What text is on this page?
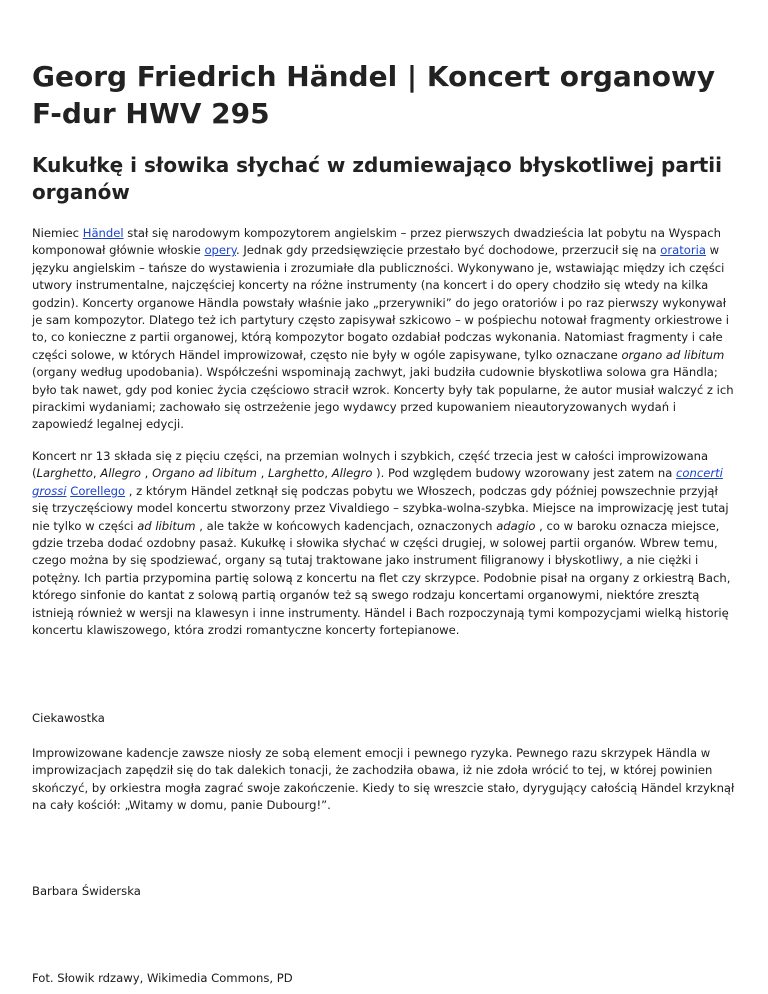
Georg Friedrich Händel | Koncert organowy F-dur HWV 295
Kukułkę i słowika słychać w zdumiewająco błyskotliwej partii organów

Niemiec Händel stał się narodowym kompozytorem angielskim – przez pierwszych dwadzieścia lat pobytu na Wyspach komponował głównie włoskie opery. Jednak gdy przedsięwzięcie przestało być dochodowe, przerzucił się na oratoria w języku angielskim – tańsze do wystawienia i zrozumiałe dla publiczności. Wykonywano je, wstawiając między ich części utwory instrumentalne, najczęściej koncerty na różne instrumenty (na koncert i do opery chodziło się wtedy na kilka godzin). Koncerty organowe Händla powstały właśnie jako „przerywniki” do jego oratoriów i po raz pierwszy wykonywał je sam kompozytor. Dlatego też ich partytury często zapisywał szkicowo – w pośpiechu notował fragmenty orkiestrowe i to, co konieczne z partii organowej, którą kompozytor bogato ozdabiał podczas wykonania. Natomiast fragmenty i całe części solowe, w których Händel improwizował, często nie były w ogóle zapisywane, tylko oznaczane organo ad libitum (organy według upodobania). Współcześni wspominają zachwyt, jaki budziła cudownie błyskotliwa solowa gra Händla; było tak nawet, gdy pod koniec życia częściowo stracił wzrok. Koncerty były tak popularne, że autor musiał walczyć z ich pirackimi wydaniami; zachowało się ostrzeżenie jego wydawcy przed kupowaniem nieautoryzowanych wydań i zapowiedź legalnej edycji.

Koncert nr 13 składa się z pięciu części, na przemian wolnych i szybkich, część trzecia jest w całości improwizowana (Larghetto, Allegro , Organo ad libitum , Larghetto, Allegro ). Pod względem budowy wzorowany jest zatem na concerti grossi Corellego , z którym Händel zetknął się podczas pobytu we Włoszech, podczas gdy później powszechnie przyjął się trzyczęściowy model koncertu stworzony przez Vivaldiego – szybka-wolna-szybka. Miejsce na improwizację jest tutaj nie tylko w części ad libitum , ale także w końcowych kadencjach, oznaczonych adagio , co w baroku oznacza miejsce, gdzie trzeba dodać ozdobny pasaż. Kukułkę i słowika słychać w części drugiej, w solowej partii organów. Wbrew temu, czego można by się spodziewać, organy są tutaj traktowane jako instrument filigranowy i błyskotliwy, a nie ciężki i potężny. Ich partia przypomina partię solową z koncertu na flet czy skrzypce. Podobnie pisał na organy z orkiestrą Bach, którego sinfonie do kantat z solową partią organów też są swego rodzaju koncertami organowymi, niektóre zresztą istnieją również w wersji na klawesyn i inne instrumenty. Händel i Bach rozpoczynają tymi kompozycjami wielką historię koncertu klawiszowego, która zrodzi romantyczne koncerty fortepianowe.

Ciekawostka

Improwizowane kadencje zawsze niosły ze sobą element emocji i pewnego ryzyka. Pewnego razu skrzypek Händla w improwizacjach zapędził się do tak dalekich tonacji, że zachodziła obawa, iż nie zdoła wrócić to tej, w której powinien skończyć, by orkiestra mogła zagrać swoje zakończenie. Kiedy to się wreszcie stało, dyrygujący całością Händel krzyknął na cały kościół: „Witamy w domu, panie Dubourg!”.

Barbara Świderska

Fot. Słowik rdzawy, Wikimedia Commons, PD
